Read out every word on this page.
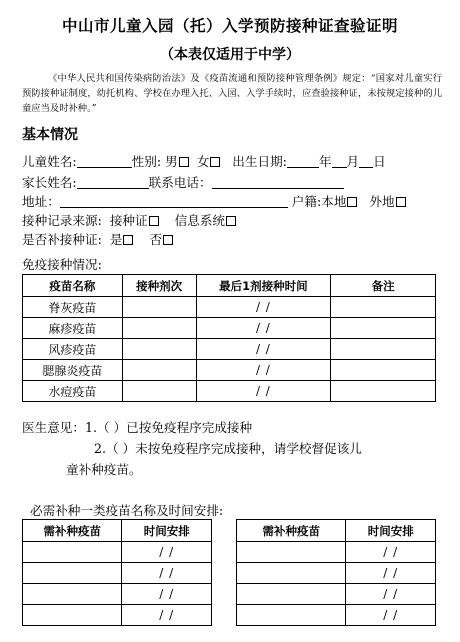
中山市儿童入园（托）入学预防接种证查验证明
（本表仅适用于中学）
《中华人民共和国传染病防治法》及《疫苗流通和预防接种管理条例》规定：“国家对儿童实行预防接种证制度，幼托机构、学校在办理入托、入园、入学手续时，应查验接种证，未按规定接种的儿童应当及时补种。”
基本情况
儿童姓名:	性别: 男 女 出生日期:	年 月 日
家长姓名:	联系电话：
地址：	户籍:本地 外地
接种记录来源: 接种证 信息系统
是否补接种证: 是 否
免疫接种情况:
疫苗名称	接种剂次	最后1剂接种时间	备注
脊灰疫苗		/ /	
麻疹疫苗		/ /	
风疹疫苗		/ /	
腮腺炎疫苗		/ /	
水痘疫苗		/ /	
医生意见：1.（ ）已按免疫程序完成接种
2.（ ）未按免疫程序完成接种，请学校督促该儿
童补种疫苗。
必需补种一类疫苗名称及时间安排:
需补种疫苗	时间安排
	/ /
	/ /
	/ /
	/ /
需补种疫苗	时间安排
	/ /
	/ /
	/ /
	/ /
